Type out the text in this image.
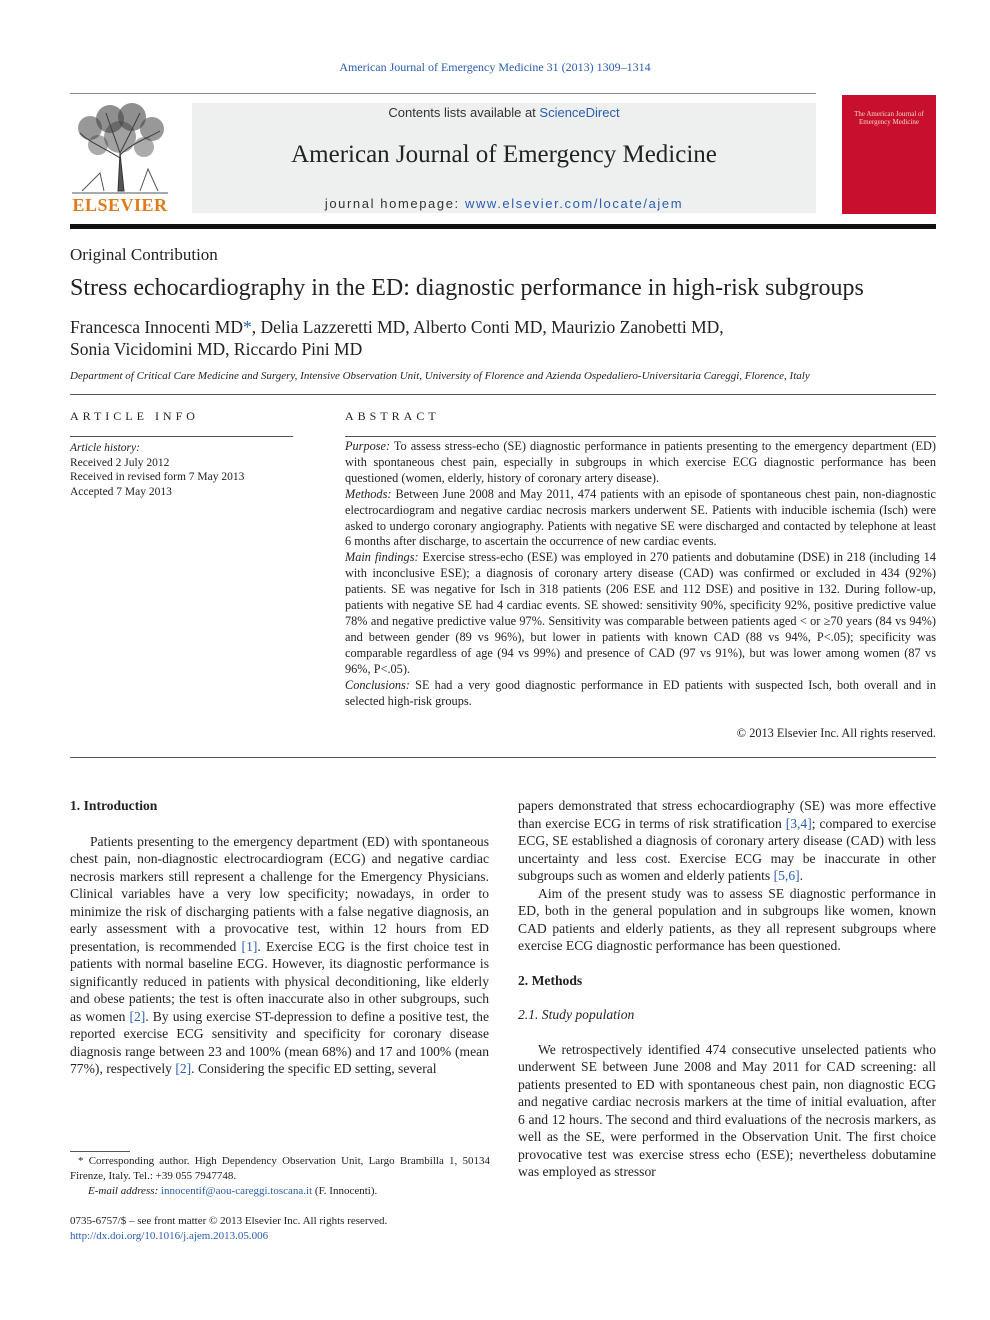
American Journal of Emergency Medicine 31 (2013) 1309–1314
ELSEVIER
Contents lists available at ScienceDirect
American Journal of Emergency Medicine
journal homepage: www.elsevier.com/locate/ajem
The American Journal of Emergency Medicine
Original Contribution
Stress echocardiography in the ED: diagnostic performance in high-risk subgroups
Francesca Innocenti MD*, Delia Lazzeretti MD, Alberto Conti MD, Maurizio Zanobetti MD,
Sonia Vicidomini MD, Riccardo Pini MD
Department of Critical Care Medicine and Surgery, Intensive Observation Unit, University of Florence and Azienda Ospedaliero-Universitaria Careggi, Florence, Italy
ARTICLE INFO	ABSTRACT
Article history:
Received 2 July 2012
Received in revised form 7 May 2013
Accepted 7 May 2013
Purpose: To assess stress-echo (SE) diagnostic performance in patients presenting to the emergency department (ED) with spontaneous chest pain, especially in subgroups in which exercise ECG diagnostic performance has been questioned (women, elderly, history of coronary artery disease).
Methods: Between June 2008 and May 2011, 474 patients with an episode of spontaneous chest pain, non-diagnostic electrocardiogram and negative cardiac necrosis markers underwent SE. Patients with inducible ischemia (Isch) were asked to undergo coronary angiography. Patients with negative SE were discharged and contacted by telephone at least 6 months after discharge, to ascertain the occurrence of new cardiac events.
Main findings: Exercise stress-echo (ESE) was employed in 270 patients and dobutamine (DSE) in 218 (including 14 with inconclusive ESE); a diagnosis of coronary artery disease (CAD) was confirmed or excluded in 434 (92%) patients. SE was negative for Isch in 318 patients (206 ESE and 112 DSE) and positive in 132. During follow-up, patients with negative SE had 4 cardiac events. SE showed: sensitivity 90%, specificity 92%, positive predictive value 78% and negative predictive value 97%. Sensitivity was comparable between patients aged < or ≥70 years (84 vs 94%) and between gender (89 vs 96%), but lower in patients with known CAD (88 vs 94%, P<.05); specificity was comparable regardless of age (94 vs 99%) and presence of CAD (97 vs 91%), but was lower among women (87 vs 96%, P<.05).
Conclusions: SE had a very good diagnostic performance in ED patients with suspected Isch, both overall and in selected high-risk groups.
© 2013 Elsevier Inc. All rights reserved.
1. Introduction

Patients presenting to the emergency department (ED) with spontaneous chest pain, non-diagnostic electrocardiogram (ECG) and negative cardiac necrosis markers still represent a challenge for the Emergency Physicians. Clinical variables have a very low specificity; nowadays, in order to minimize the risk of discharging patients with a false negative diagnosis, an early assessment with a provocative test, within 12 hours from ED presentation, is recommended [1]. Exercise ECG is the first choice test in patients with normal baseline ECG. However, its diagnostic performance is significantly reduced in patients with physical deconditioning, like elderly and obese patients; the test is often inaccurate also in other subgroups, such as women [2]. By using exercise ST-depression to define a positive test, the reported exercise ECG sensitivity and specificity for coronary disease diagnosis range between 23 and 100% (mean 68%) and 17 and 100% (mean 77%), respectively [2]. Considering the specific ED setting, several

papers demonstrated that stress echocardiography (SE) was more effective than exercise ECG in terms of risk stratification [3,4]; compared to exercise ECG, SE established a diagnosis of coronary artery disease (CAD) with less uncertainty and less cost. Exercise ECG may be inaccurate in other subgroups such as women and elderly patients [5,6].

Aim of the present study was to assess SE diagnostic performance in ED, both in the general population and in subgroups like women, known CAD patients and elderly patients, as they all represent subgroups where exercise ECG diagnostic performance has been questioned.

2. Methods
2.1. Study population

We retrospectively identified 474 consecutive unselected patients who underwent SE between June 2008 and May 2011 for CAD screening: all patients presented to ED with spontaneous chest pain, non diagnostic ECG and negative cardiac necrosis markers at the time of initial evaluation, after 6 and 12 hours. The second and third evaluations of the necrosis markers, as well as the SE, were performed in the Observation Unit. The first choice provocative test was exercise stress echo (ESE); nevertheless dobutamine was employed as stressor

* Corresponding author. High Dependency Observation Unit, Largo Brambilla 1, 50134 Firenze, Italy. Tel.: +39 055 7947748.
E-mail address: innocentif@aou-careggi.toscana.it (F. Innocenti).
0735-6757/$ – see front matter © 2013 Elsevier Inc. All rights reserved.
http://dx.doi.org/10.1016/j.ajem.2013.05.006
